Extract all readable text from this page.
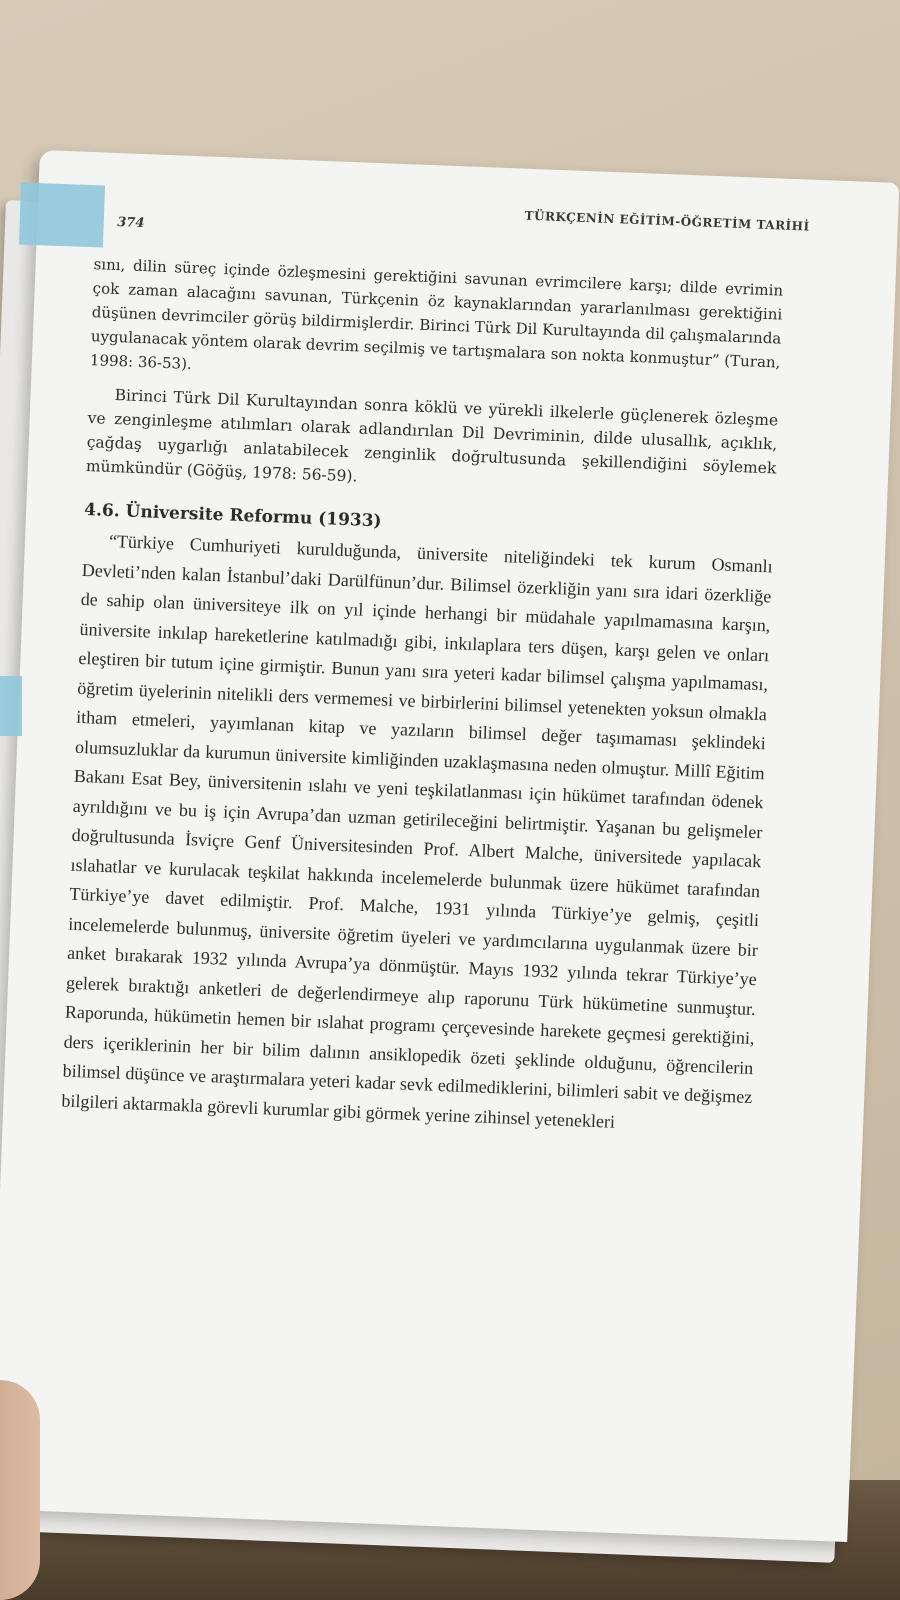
374	TÜRKÇENİN EĞİTİM-ÖĞRETİM TARİHİ

sını, dilin süreç içinde özleşmesini gerektiğini savunan evrimcilere karşı; dilde evrimin çok zaman alacağını savunan, Türkçenin öz kaynaklarından yararlanılması gerektiğini düşünen devrimciler görüş bildirmişlerdir. Birinci Türk Dil Kurultayında dil çalışmalarında uygulanacak yöntem olarak devrim seçilmiş ve tartışmalara son nokta konmuştur” (Turan, 1998: 36-53).

Birinci Türk Dil Kurultayından sonra köklü ve yürekli ilkelerle güçlenerek özleşme ve zenginleşme atılımları olarak adlandırılan Dil Devriminin, dilde ulusallık, açıklık, çağdaş uygarlığı anlatabilecek zenginlik doğrultusunda şekillendiğini söylemek mümkündür (Göğüş, 1978: 56-59).

4.6. Üniversite Reformu (1933)

“Türkiye Cumhuriyeti kurulduğunda, üniversite niteliğindeki tek kurum Osmanlı Devleti’nden kalan İstanbul’daki Darülfünun’dur. Bilimsel özerkliğin yanı sıra idari özerkliğe de sahip olan üniversiteye ilk on yıl içinde herhangi bir müdahale yapılmamasına karşın, üniversite inkılap hareketlerine katılmadığı gibi, inkılaplara ters düşen, karşı gelen ve onları eleştiren bir tutum içine girmiştir. Bunun yanı sıra yeteri kadar bilimsel çalışma yapılmaması, öğretim üyelerinin nitelikli ders vermemesi ve birbirlerini bilimsel yetenekten yoksun olmakla itham etmeleri, yayımlanan kitap ve yazıların bilimsel değer taşımaması şeklindeki olumsuzluklar da kurumun üniversite kimliğinden uzaklaşmasına neden olmuştur. Millî Eğitim Bakanı Esat Bey, üniversitenin ıslahı ve yeni teşkilatlanması için hükümet tarafından ödenek ayrıldığını ve bu iş için Avrupa’dan uzman getirileceğini belirtmiştir. Yaşanan bu gelişmeler doğrultusunda İsviçre Genf Üniversitesinden Prof. Albert Malche, üniversitede yapılacak ıslahatlar ve kurulacak teşkilat hakkında incelemelerde bulunmak üzere hükümet tarafından Türkiye’ye davet edilmiştir. Prof. Malche, 1931 yılında Türkiye’ye gelmiş, çeşitli incelemelerde bulunmuş, üniversite öğretim üyeleri ve yardımcılarına uygulanmak üzere bir anket bırakarak 1932 yılında Avrupa’ya dönmüştür. Mayıs 1932 yılında tekrar Türkiye’ye gelerek bıraktığı anketleri de değerlendirmeye alıp raporunu Türk hükümetine sunmuştur. Raporunda, hükümetin hemen bir ıslahat programı çerçevesinde harekete geçmesi gerektiğini, ders içeriklerinin her bir bilim dalının ansiklopedik özeti şeklinde olduğunu, öğrencilerin bilimsel düşünce ve araştırmalara yeteri kadar sevk edilmediklerini, bilimleri sabit ve değişmez bilgileri aktarmakla görevli kurumlar gibi görmek yerine zihinsel yetenekleri
